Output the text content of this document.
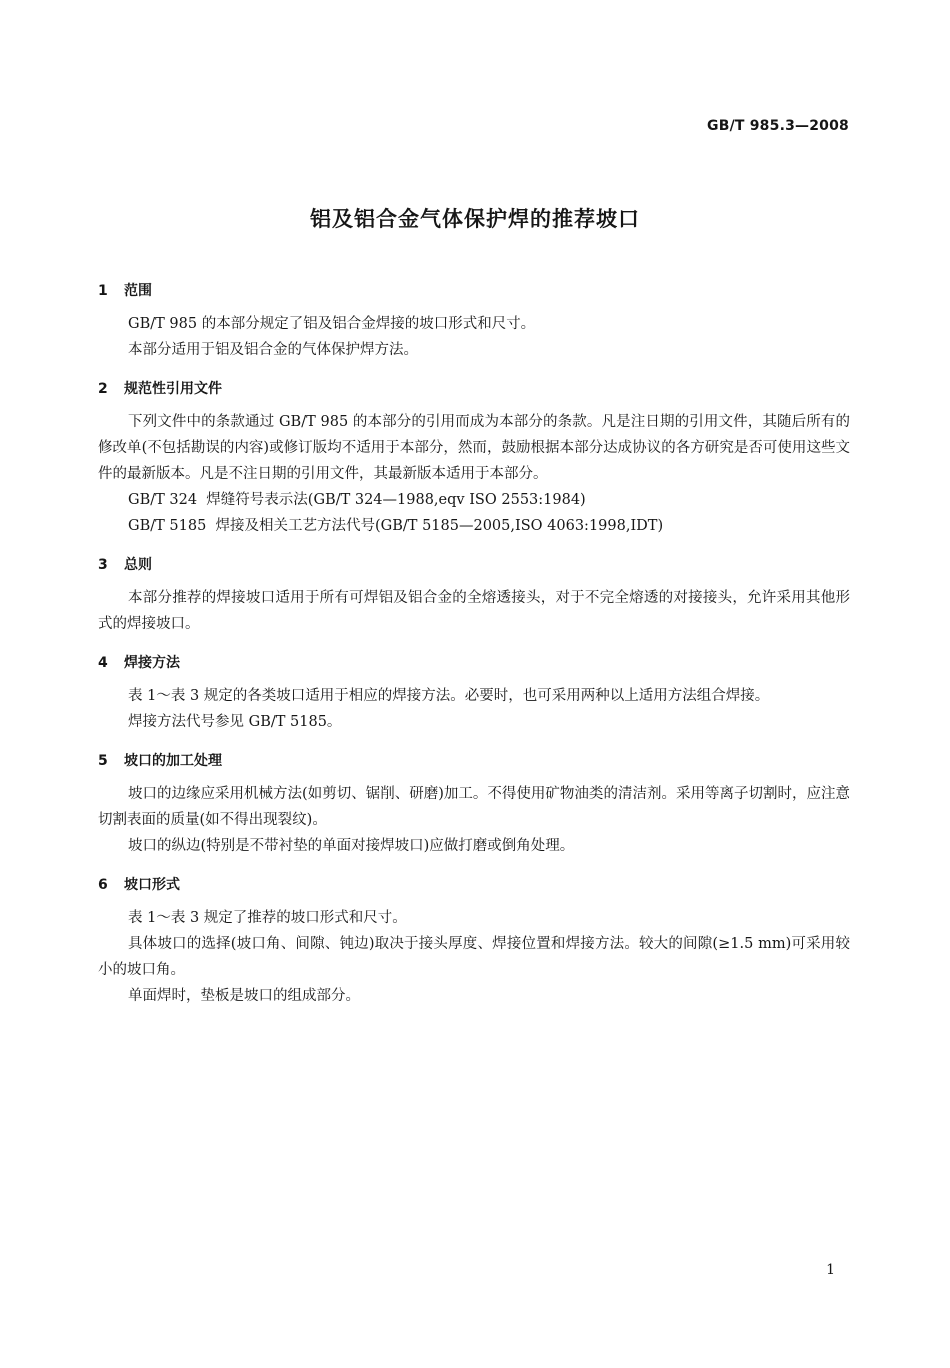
GB/T 985.3—2008
铝及铝合金气体保护焊的推荐坡口
1 范围

GB/T 985 的本部分规定了铝及铝合金焊接的坡口形式和尺寸。

本部分适用于铝及铝合金的气体保护焊方法。

2 规范性引用文件

下列文件中的条款通过 GB/T 985 的本部分的引用而成为本部分的条款。凡是注日期的引用文件，其随后所有的修改单(不包括勘误的内容)或修订版均不适用于本部分，然而，鼓励根据本部分达成协议的各方研究是否可使用这些文件的最新版本。凡是不注日期的引用文件，其最新版本适用于本部分。

GB/T 324  焊缝符号表示法(GB/T 324—1988,eqv ISO 2553:1984)

GB/T 5185  焊接及相关工艺方法代号(GB/T 5185—2005,ISO 4063:1998,IDT)

3 总则

本部分推荐的焊接坡口适用于所有可焊铝及铝合金的全熔透接头，对于不完全熔透的对接接头，允许采用其他形式的焊接坡口。

4 焊接方法

表 1～表 3 规定的各类坡口适用于相应的焊接方法。必要时，也可采用两种以上适用方法组合焊接。

焊接方法代号参见 GB/T 5185。

5 坡口的加工处理

坡口的边缘应采用机械方法(如剪切、锯削、研磨)加工。不得使用矿物油类的清洁剂。采用等离子切割时，应注意切割表面的质量(如不得出现裂纹)。

坡口的纵边(特别是不带衬垫的单面对接焊坡口)应做打磨或倒角处理。

6 坡口形式

表 1～表 3 规定了推荐的坡口形式和尺寸。

具体坡口的选择(坡口角、间隙、钝边)取决于接头厚度、焊接位置和焊接方法。较大的间隙(≥1.5 mm)可采用较小的坡口角。

单面焊时，垫板是坡口的组成部分。

1
